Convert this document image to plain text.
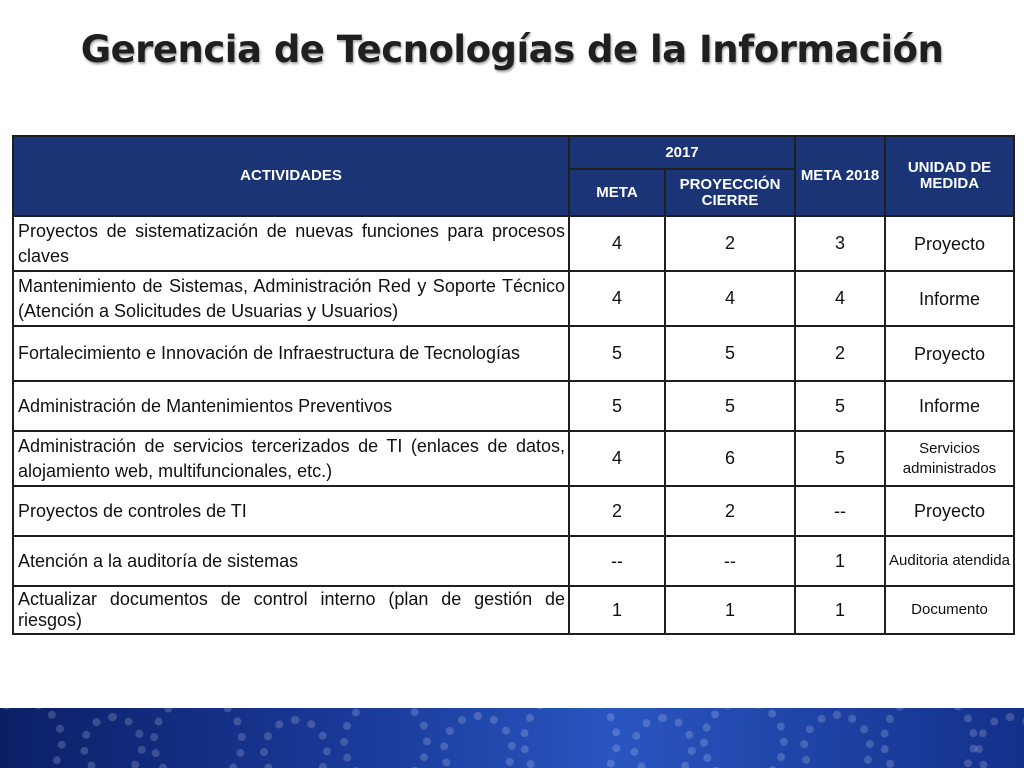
Gerencia de Tecnologías de la Información
ACTIVIDADES	2017		META 2018	UNIDAD DE MEDIDA
	META	PROYECCIÓN CIERRE		
Proyectos de sistematización de nuevas funciones para procesos claves	4	2	3	Proyecto
Mantenimiento de Sistemas, Administración Red y Soporte Técnico (Atención a Solicitudes de Usuarias y Usuarios)	4	4	4	Informe
Fortalecimiento e Innovación de Infraestructura de Tecnologías	5	5	2	Proyecto
Administración de Mantenimientos Preventivos	5	5	5	Informe
Administración de servicios tercerizados de TI (enlaces de datos, alojamiento web, multifuncionales, etc.)	4	6	5	Servicios administrados
Proyectos de controles de TI	2	2	--	Proyecto
Atención a la auditoría de sistemas	--	--	1	Auditoria atendida
Actualizar documentos de control interno (plan de gestión de riesgos)	1	1	1	Documento
